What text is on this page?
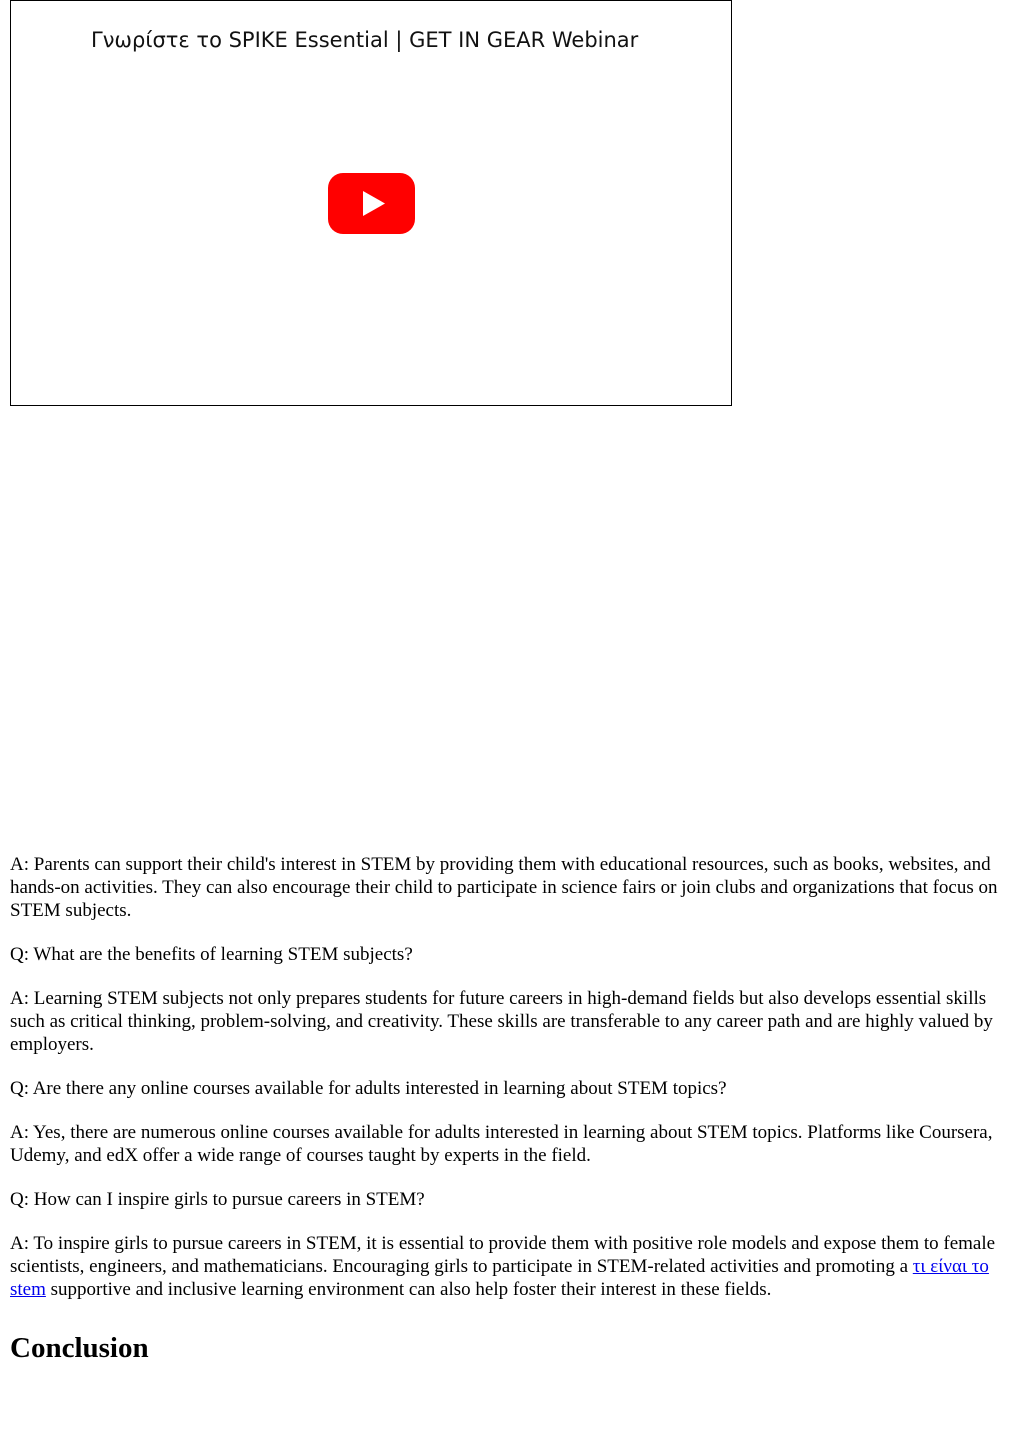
Γνωρίστε το SPIKE Essential | GET IN GEAR Webinar

A: Parents can support their child's interest in STEM by providing them with educational resources, such as books, websites, and hands-on activities. They can also encourage their child to participate in science fairs or join clubs and organizations that focus on STEM subjects.

Q: What are the benefits of learning STEM subjects?

A: Learning STEM subjects not only prepares students for future careers in high-demand fields but also develops essential skills such as critical thinking, problem-solving, and creativity. These skills are transferable to any career path and are highly valued by employers.

Q: Are there any online courses available for adults interested in learning about STEM topics?

A: Yes, there are numerous online courses available for adults interested in learning about STEM topics. Platforms like Coursera, Udemy, and edX offer a wide range of courses taught by experts in the field.

Q: How can I inspire girls to pursue careers in STEM?

A: To inspire girls to pursue careers in STEM, it is essential to provide them with positive role models and expose them to female scientists, engineers, and mathematicians. Encouraging girls to participate in STEM-related activities and promoting a τι είναι το stem supportive and inclusive learning environment can also help foster their interest in these fields.

Conclusion
